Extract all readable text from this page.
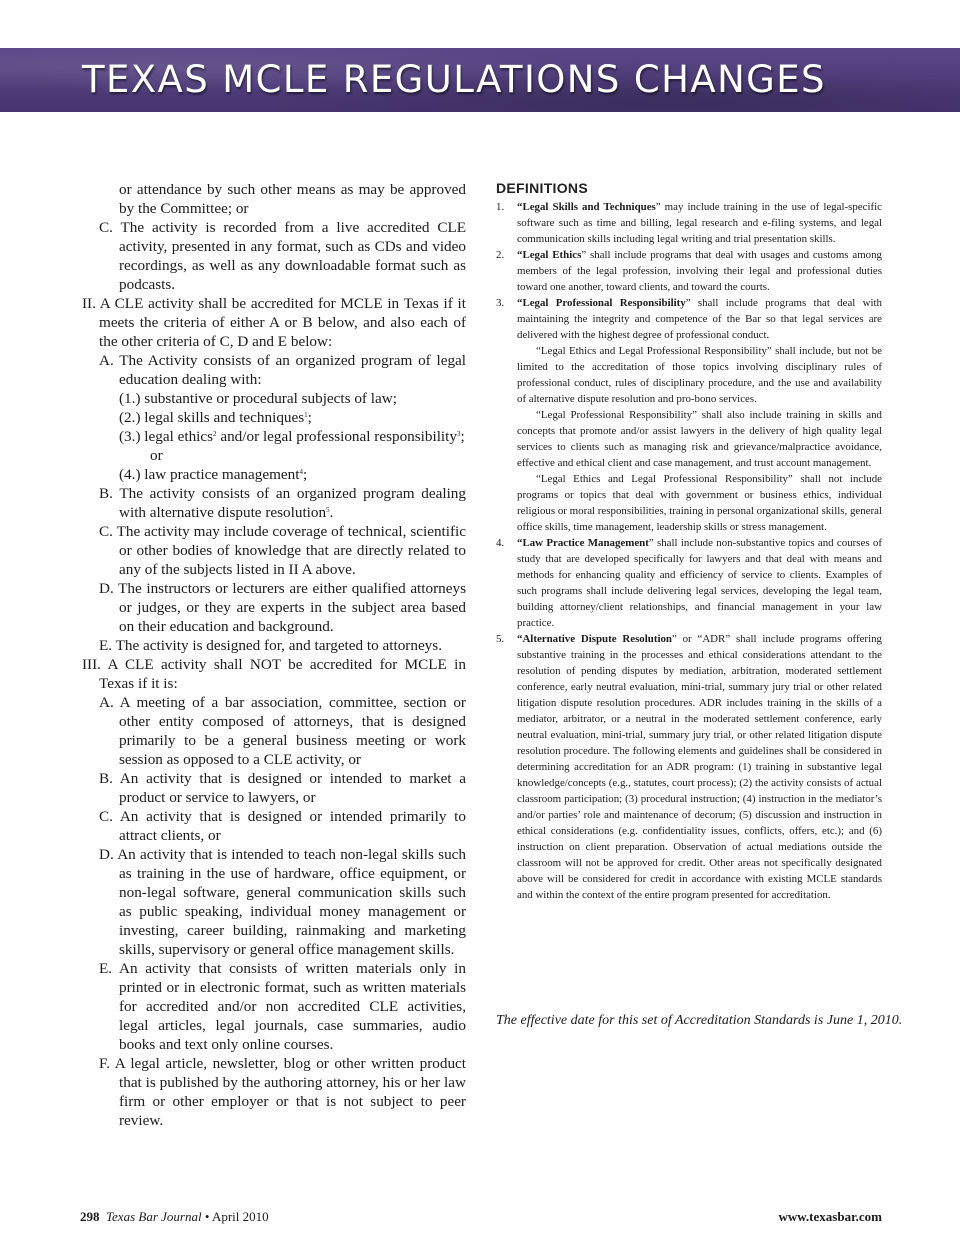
TEXAS MCLE REGULATIONS CHANGES

or attendance by such other means as may be approved by the Committee; or

C. The activity is recorded from a live accredited CLE activity, presented in any format, such as CDs and video recordings, as well as any downloadable format such as podcasts.

II. A CLE activity shall be accredited for MCLE in Texas if it meets the criteria of either A or B below, and also each of the other criteria of C, D and E below:

A. The Activity consists of an organized program of legal education dealing with:

(1.) substantive or procedural subjects of law;

(2.) legal skills and techniques$^1$;

(3.) legal ethics$^2$ and/or legal professional responsibility$^3$;

or

(4.) law practice management$^4$;

B. The activity consists of an organized program dealing with alternative dispute resolution$^5$.

C. The activity may include coverage of technical, scientific or other bodies of knowledge that are directly related to any of the subjects listed in II A above.

D. The instructors or lecturers are either qualified attorneys or judges, or they are experts in the subject area based on their education and background.

E. The activity is designed for, and targeted to attorneys.

III. A CLE activity shall NOT be accredited for MCLE in Texas if it is:

A. A meeting of a bar association, committee, section or other entity composed of attorneys, that is designed primarily to be a general business meeting or work session as opposed to a CLE activity, or

B. An activity that is designed or intended to market a product or service to lawyers, or

C. An activity that is designed or intended primarily to attract clients, or

D. An activity that is intended to teach non-legal skills such as training in the use of hardware, office equipment, or non-legal software, general communication skills such as public speaking, individual money management or investing, career building, rainmaking and marketing skills, supervisory or general office management skills.

E. An activity that consists of written materials only in printed or in electronic format, such as written materials for accredited and/or non accredited CLE activities, legal articles, legal journals, case summaries, audio books and text only online courses.

F. A legal article, newsletter, blog or other written product that is published by the authoring attorney, his or her law firm or other employer or that is not subject to peer review.

DEFINITIONS

1. “Legal Skills and Techniques” may include training in the use of legal-specific software such as time and billing, legal research and e-filing systems, and legal communication skills including legal writing and trial presentation skills.

2. “Legal Ethics” shall include programs that deal with usages and customs among members of the legal profession, involving their legal and professional duties toward one another, toward clients, and toward the courts.

3. “Legal Professional Responsibility” shall include programs that deal with maintaining the integrity and competence of the Bar so that legal services are delivered with the highest degree of professional conduct.

“Legal Ethics and Legal Professional Responsibility” shall include, but not be limited to the accreditation of those topics involving disciplinary rules of professional conduct, rules of disciplinary procedure, and the use and availability of alternative dispute resolution and pro-bono services.

“Legal Professional Responsibility” shall also include training in skills and concepts that promote and/or assist lawyers in the delivery of high quality legal services to clients such as managing risk and grievance/malpractice avoidance, effective and ethical client and case management, and trust account management.

“Legal Ethics and Legal Professional Responsibility” shall not include programs or topics that deal with government or business ethics, individual religious or moral responsibilities, training in personal organizational skills, general office skills, time management, leadership skills or stress management.

4. “Law Practice Management” shall include non-substantive topics and courses of study that are developed specifically for lawyers and that deal with means and methods for enhancing quality and efficiency of service to clients. Examples of such programs shall include delivering legal services, developing the legal team, building attorney/client relationships, and financial management in your law practice.

5. “Alternative Dispute Resolution” or “ADR” shall include programs offering substantive training in the processes and ethical considerations attendant to the resolution of pending disputes by mediation, arbitration, moderated settlement conference, early neutral evaluation, mini-trial, summary jury trial or other related litigation dispute resolution procedures. ADR includes training in the skills of a mediator, arbitrator, or a neutral in the moderated settlement conference, early neutral evaluation, mini-trial, summary jury trial, or other related litigation dispute resolution procedure. The following elements and guidelines shall be considered in determining accreditation for an ADR program: (1) training in substantive legal knowledge/concepts (e.g., statutes, court process); (2) the activity consists of actual classroom participation; (3) procedural instruction; (4) instruction in the mediator’s and/or parties’ role and maintenance of decorum; (5) discussion and instruction in ethical considerations (e.g. confidentiality issues, conflicts, offers, etc.); and (6) instruction on client preparation. Observation of actual mediations outside the classroom will not be approved for credit. Other areas not specifically designated above will be considered for credit in accordance with existing MCLE standards and within the context of the entire program presented for accreditation.

The effective date for this set of Accreditation Standards is June 1, 2010.
298 Texas Bar Journal • April 2010	www.texasbar.com
